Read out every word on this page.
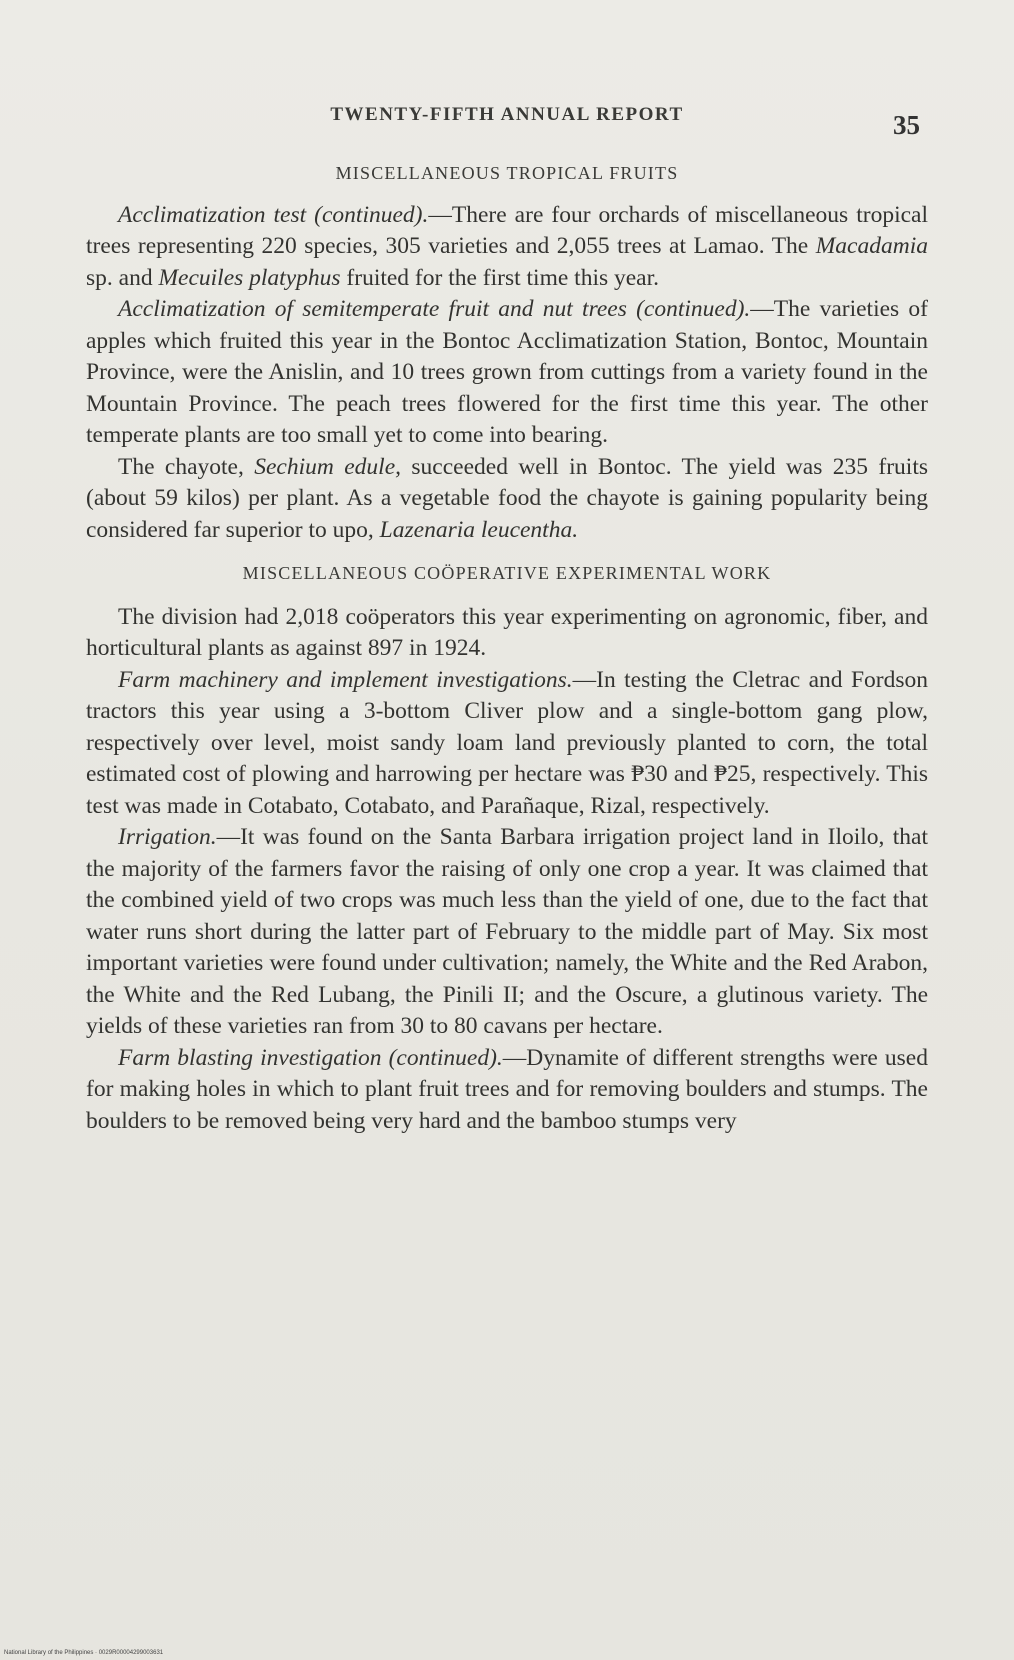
TWENTY-FIFTH ANNUAL REPORT	35
MISCELLANEOUS TROPICAL FRUITS

Acclimatization test (continued).—There are four orchards of miscellaneous tropical trees representing 220 species, 305 varieties and 2,055 trees at Lamao. The Macadamia sp. and Mecuiles platyphus fruited for the first time this year.

Acclimatization of semitemperate fruit and nut trees (continued).—The varieties of apples which fruited this year in the Bontoc Acclimatization Station, Bontoc, Mountain Province, were the Anislin, and 10 trees grown from cuttings from a variety found in the Mountain Province. The peach trees flowered for the first time this year. The other temperate plants are too small yet to come into bearing.

The chayote, Sechium edule, succeeded well in Bontoc. The yield was 235 fruits (about 59 kilos) per plant. As a vegetable food the chayote is gaining popularity being considered far superior to upo, Lazenaria leucentha.

MISCELLANEOUS COÖPERATIVE EXPERIMENTAL WORK

The division had 2,018 coöperators this year experimenting on agronomic, fiber, and horticultural plants as against 897 in 1924.

Farm machinery and implement investigations.—In testing the Cletrac and Fordson tractors this year using a 3-bottom Cliver plow and a single-bottom gang plow, respectively over level, moist sandy loam land previously planted to corn, the total estimated cost of plowing and harrowing per hectare was ₱30 and ₱25, respectively. This test was made in Cotabato, Cotabato, and Parañaque, Rizal, respectively.

Irrigation.—It was found on the Santa Barbara irrigation project land in Iloilo, that the majority of the farmers favor the raising of only one crop a year. It was claimed that the combined yield of two crops was much less than the yield of one, due to the fact that water runs short during the latter part of February to the middle part of May. Six most important varieties were found under cultivation; namely, the White and the Red Arabon, the White and the Red Lubang, the Pinili II; and the Oscure, a glutinous variety. The yields of these varieties ran from 30 to 80 cavans per hectare.

Farm blasting investigation (continued).—Dynamite of different strengths were used for making holes in which to plant fruit trees and for removing boulders and stumps. The boulders to be removed being very hard and the bamboo stumps very

National Library of the Philippines · 0029R00004299003631
